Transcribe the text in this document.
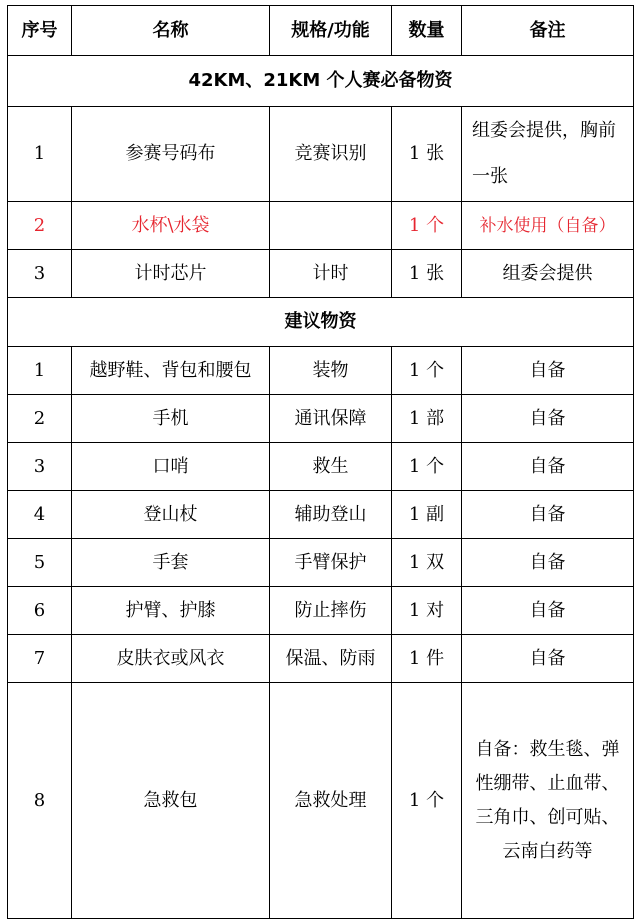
序号	名称	规格/功能	数量	备注
42KM、21KM 个人赛必备物资				
1	参赛号码布	竞赛识别	1 张	组委会提供，胸前一张
2	水杯\水袋		1 个	补水使用（自备）
3	计时芯片	计时	1 张	组委会提供
建议物资				
1	越野鞋、背包和腰包	装物	1 个	自备
2	手机	通讯保障	1 部	自备
3	口哨	救生	1 个	自备
4	登山杖	辅助登山	1 副	自备
5	手套	手臂保护	1 双	自备
6	护臂、护膝	防止摔伤	1 对	自备
7	皮肤衣或风衣	保温、防雨	1 件	自备
8	急救包	急救处理	1 个	自备：救生毯、弹性绷带、止血带、三角巾、创可贴、云南白药等
